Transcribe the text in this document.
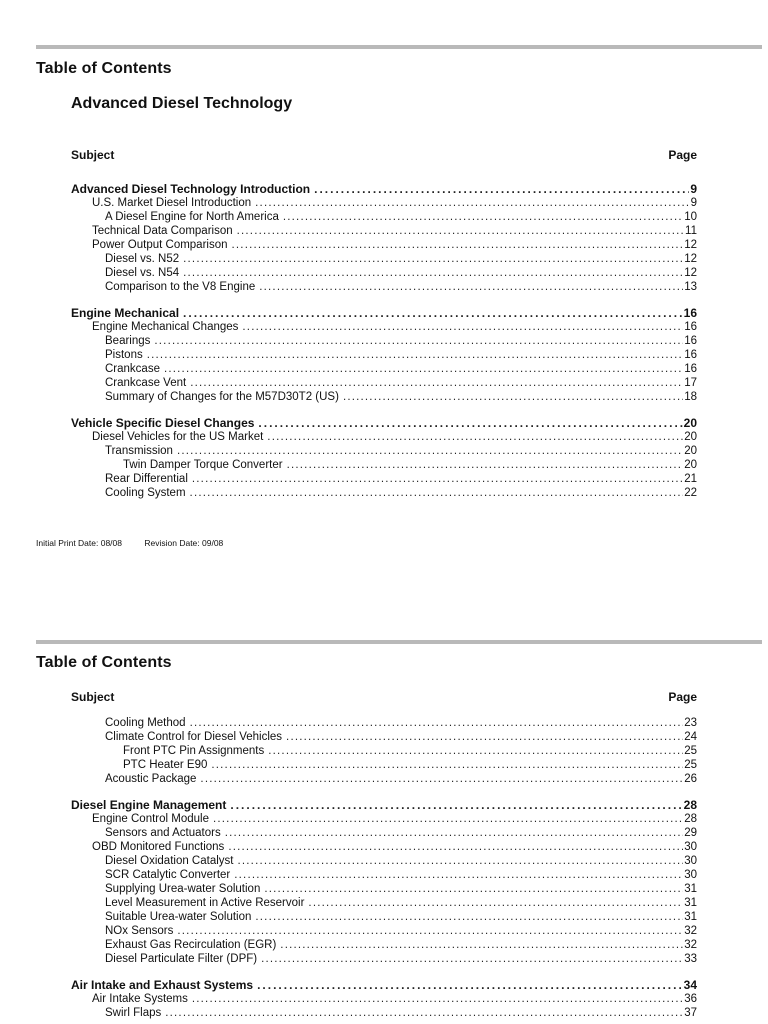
Table of Contents
Advanced Diesel Technology
Subject	Page
Advanced Diesel Technology Introduction .....	9
U.S. Market Diesel Introduction .....	9
A Diesel Engine for North America .....	10
Technical Data Comparison .....	11
Power Output Comparison .....	12
Diesel vs. N52 .....	12
Diesel vs. N54 .....	12
Comparison to the V8 Engine .....	13
Engine Mechanical .....	16
Engine Mechanical Changes .....	16
Bearings .....	16
Pistons .....	16
Crankcase .....	16
Crankcase Vent .....	17
Summary of Changes for the M57D30T2 (US) .....	18
Vehicle Specific Diesel Changes .....	20
Diesel Vehicles for the US Market .....	20
Transmission .....	20
Twin Damper Torque Converter .....	20
Rear Differential .....	21
Cooling System .....	22
Initial Print Date: 08/08	Revision Date: 09/08
Table of Contents
Subject	Page
Cooling Method .....	23
Climate Control for Diesel Vehicles .....	24
Front PTC Pin Assignments .....	25
PTC Heater E90 .....	25
Acoustic Package .....	26
Diesel Engine Management .....	28
Engine Control Module .....	28
Sensors and Actuators .....	29
OBD Monitored Functions .....	30
Diesel Oxidation Catalyst .....	30
SCR Catalytic Converter .....	30
Supplying Urea-water Solution .....	31
Level Measurement in Active Reservoir .....	31
Suitable Urea-water Solution .....	31
NOx Sensors .....	32
Exhaust Gas Recirculation (EGR) .....	32
Diesel Particulate Filter (DPF) .....	33
Air Intake and Exhaust Systems .....	34
Air Intake Systems .....	36
Swirl Flaps .....	37
